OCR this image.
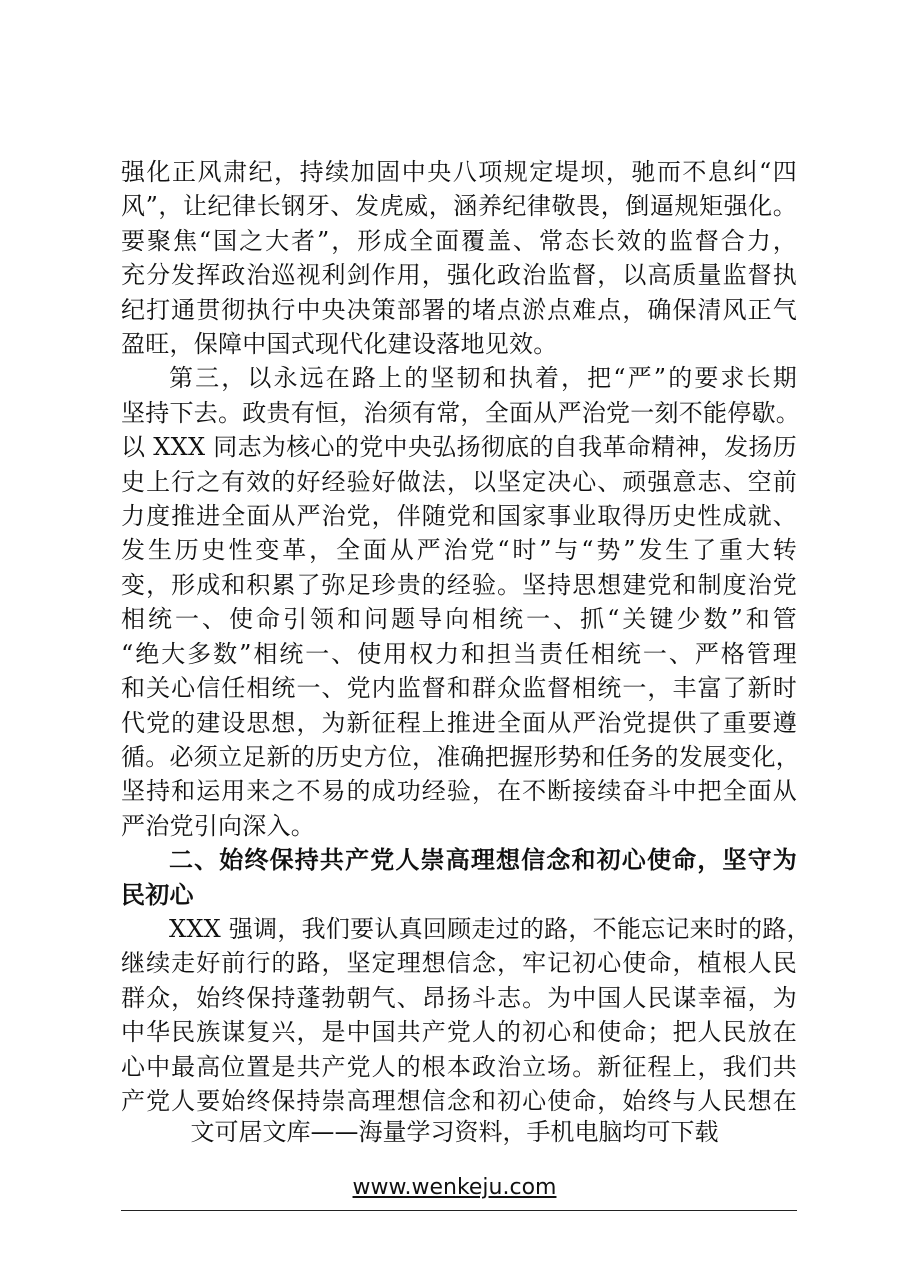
强化正风肃纪，持续加固中央八项规定堤坝，驰而不息纠“四
风”，让纪律长钢牙、发虎威，涵养纪律敬畏，倒逼规矩强化。
要聚焦“国之大者”，形成全面覆盖、常态长效的监督合力，
充分发挥政治巡视利剑作用，强化政治监督，以高质量监督执
纪打通贯彻执行中央决策部署的堵点淤点难点，确保清风正气
盈旺，保障中国式现代化建设落地见效。
第三，以永远在路上的坚韧和执着，把“严”的要求长期
坚持下去。政贵有恒，治须有常，全面从严治党一刻不能停歇。
以 XXX 同志为核心的党中央弘扬彻底的自我革命精神，发扬历
史上行之有效的好经验好做法，以坚定决心、顽强意志、空前
力度推进全面从严治党，伴随党和国家事业取得历史性成就、
发生历史性变革，全面从严治党“时”与“势”发生了重大转
变，形成和积累了弥足珍贵的经验。坚持思想建党和制度治党
相统一、使命引领和问题导向相统一、抓“关键少数”和管
“绝大多数”相统一、使用权力和担当责任相统一、严格管理
和关心信任相统一、党内监督和群众监督相统一，丰富了新时
代党的建设思想，为新征程上推进全面从严治党提供了重要遵
循。必须立足新的历史方位，准确把握形势和任务的发展变化，
坚持和运用来之不易的成功经验，在不断接续奋斗中把全面从
严治党引向深入。
二、始终保持共产党人崇高理想信念和初心使命，坚守为
民初心
XXX 强调，我们要认真回顾走过的路，不能忘记来时的路，
继续走好前行的路，坚定理想信念，牢记初心使命，植根人民
群众，始终保持蓬勃朝气、昂扬斗志。为中国人民谋幸福，为
中华民族谋复兴，是中国共产党人的初心和使命；把人民放在
心中最高位置是共产党人的根本政治立场。新征程上，我们共
产党人要始终保持崇高理想信念和初心使命，始终与人民想在
文可居文库——海量学习资料，手机电脑均可下载
www.wenkeju.com
